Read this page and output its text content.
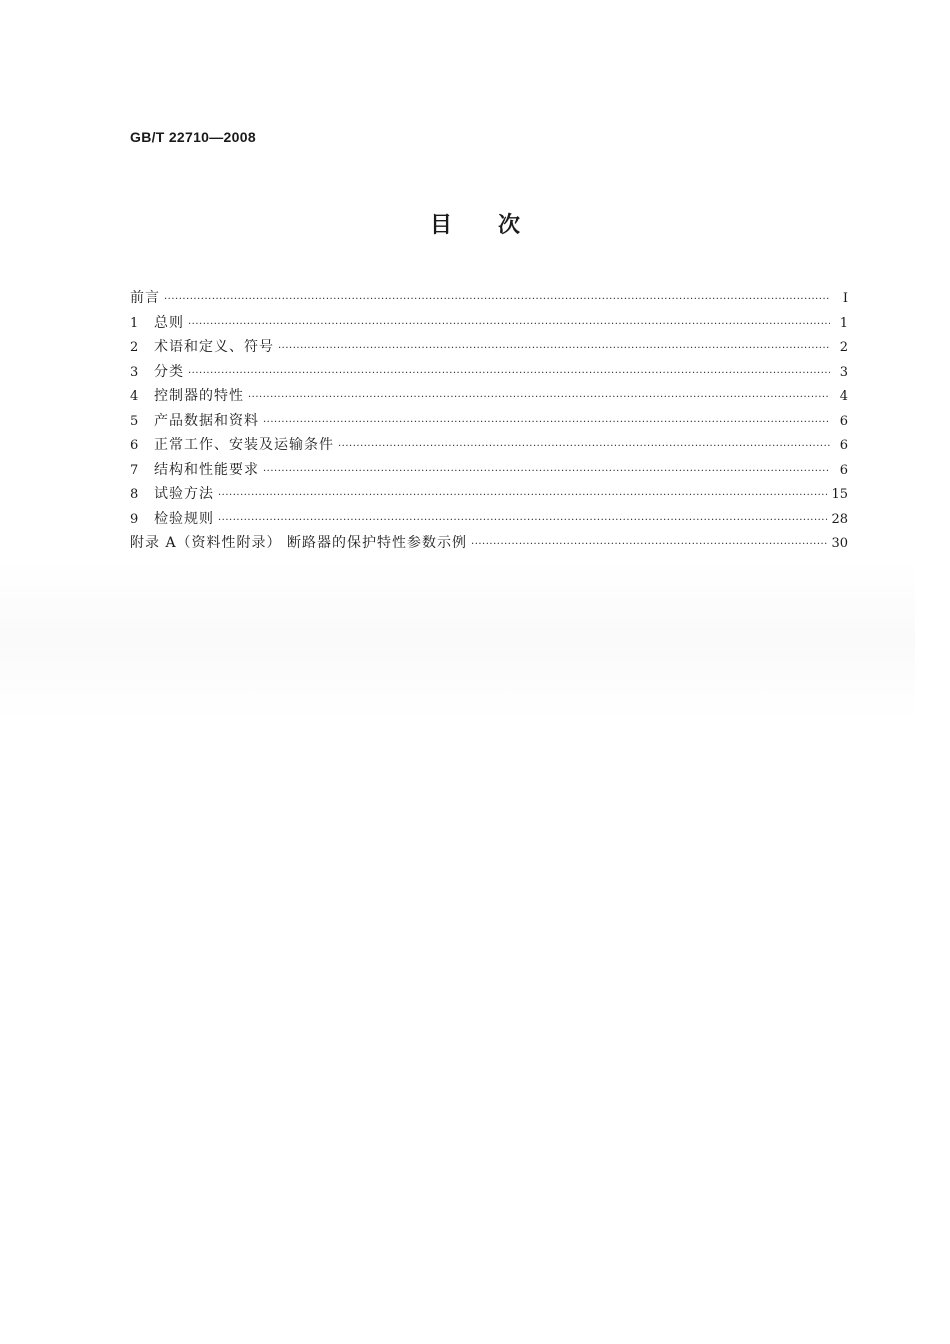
GB/T 22710—2008
目次
前言 ·····	Ⅰ
1	总则 ·····	1
2	术语和定义、符号 ·····	2
3	分类 ·····	3
4	控制器的特性 ·····	4
5	产品数据和资料 ·····	6
6	正常工作、安装及运输条件 ·····	6
7	结构和性能要求 ·····	6
8	试验方法 ·····	15
9	检验规则 ·····	28
附录 A（资料性附录） 断路器的保护特性参数示例 ·····	30
